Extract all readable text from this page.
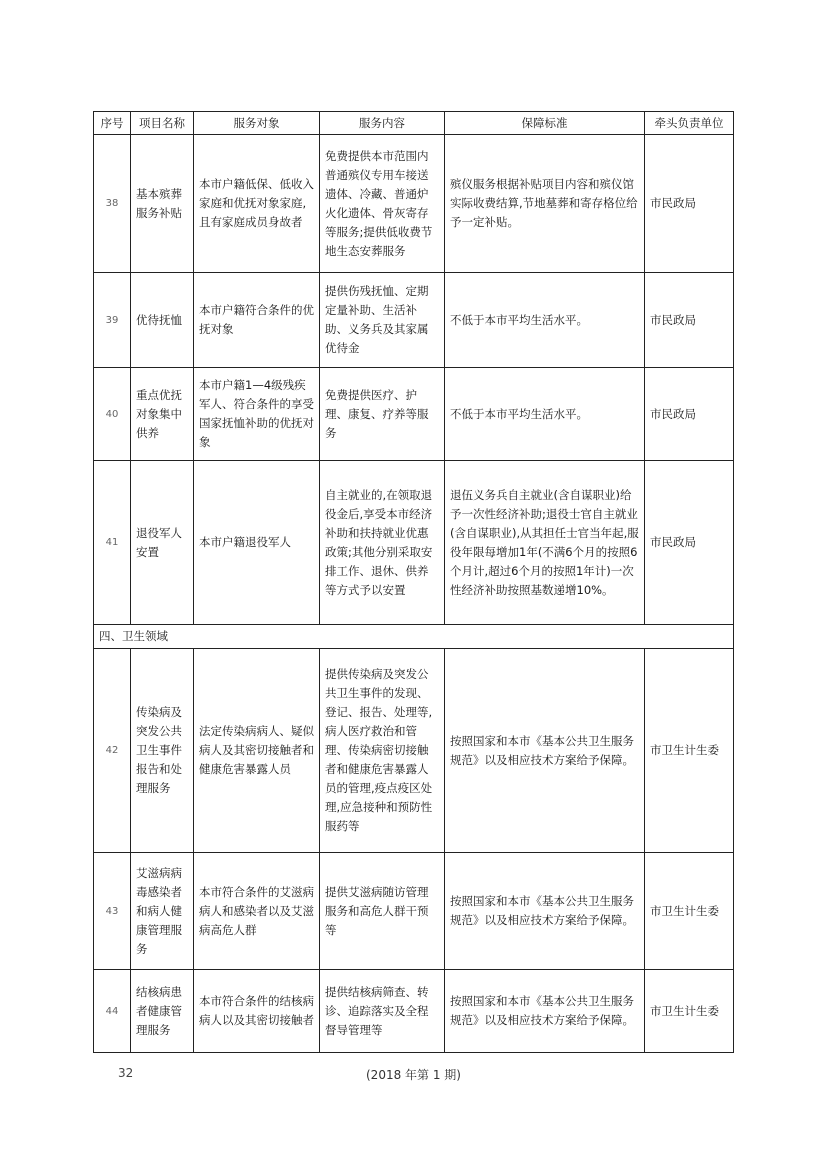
序号	项目名称	服务对象	服务内容	保障标准	牵头负责单位
38	基本殡葬服务补贴	本市户籍低保、低收入家庭和优抚对象家庭,且有家庭成员身故者	免费提供本市范围内普通殡仪专用车接送遗体、冷藏、普通炉火化遗体、骨灰寄存等服务;提供低收费节地生态安葬服务	殡仪服务根据补贴项目内容和殡仪馆实际收费结算,节地墓葬和寄存格位给予一定补贴。	市民政局
39	优待抚恤	本市户籍符合条件的优抚对象	提供伤残抚恤、定期定量补助、生活补助、义务兵及其家属优待金	不低于本市平均生活水平。	市民政局
40	重点优抚对象集中供养	本市户籍1—4级残疾军人、符合条件的享受国家抚恤补助的优抚对象	免费提供医疗、护理、康复、疗养等服务	不低于本市平均生活水平。	市民政局
41	退役军人安置	本市户籍退役军人	自主就业的,在领取退役金后,享受本市经济补助和扶持就业优惠政策;其他分别采取安排工作、退休、供养等方式予以安置	退伍义务兵自主就业(含自谋职业)给予一次性经济补助;退役士官自主就业(含自谋职业),从其担任士官当年起,服役年限每增加1年(不满6个月的按照6个月计,超过6个月的按照1年计)一次性经济补助按照基数递增10%。	市民政局
四、卫生领域					
42	传染病及突发公共卫生事件报告和处理服务	法定传染病病人、疑似病人及其密切接触者和健康危害暴露人员	提供传染病及突发公共卫生事件的发现、登记、报告、处理等,病人医疗救治和管理、传染病密切接触者和健康危害暴露人员的管理,疫点疫区处理,应急接种和预防性服药等	按照国家和本市《基本公共卫生服务规范》以及相应技术方案给予保障。	市卫生计生委
43	艾滋病病毒感染者和病人健康管理服务	本市符合条件的艾滋病病人和感染者以及艾滋病高危人群	提供艾滋病随访管理服务和高危人群干预等	按照国家和本市《基本公共卫生服务规范》以及相应技术方案给予保障。	市卫生计生委
44	结核病患者健康管理服务	本市符合条件的结核病病人以及其密切接触者	提供结核病筛查、转诊、追踪落实及全程督导管理等	按照国家和本市《基本公共卫生服务规范》以及相应技术方案给予保障。	市卫生计生委
32	(2018 年第 1 期)
